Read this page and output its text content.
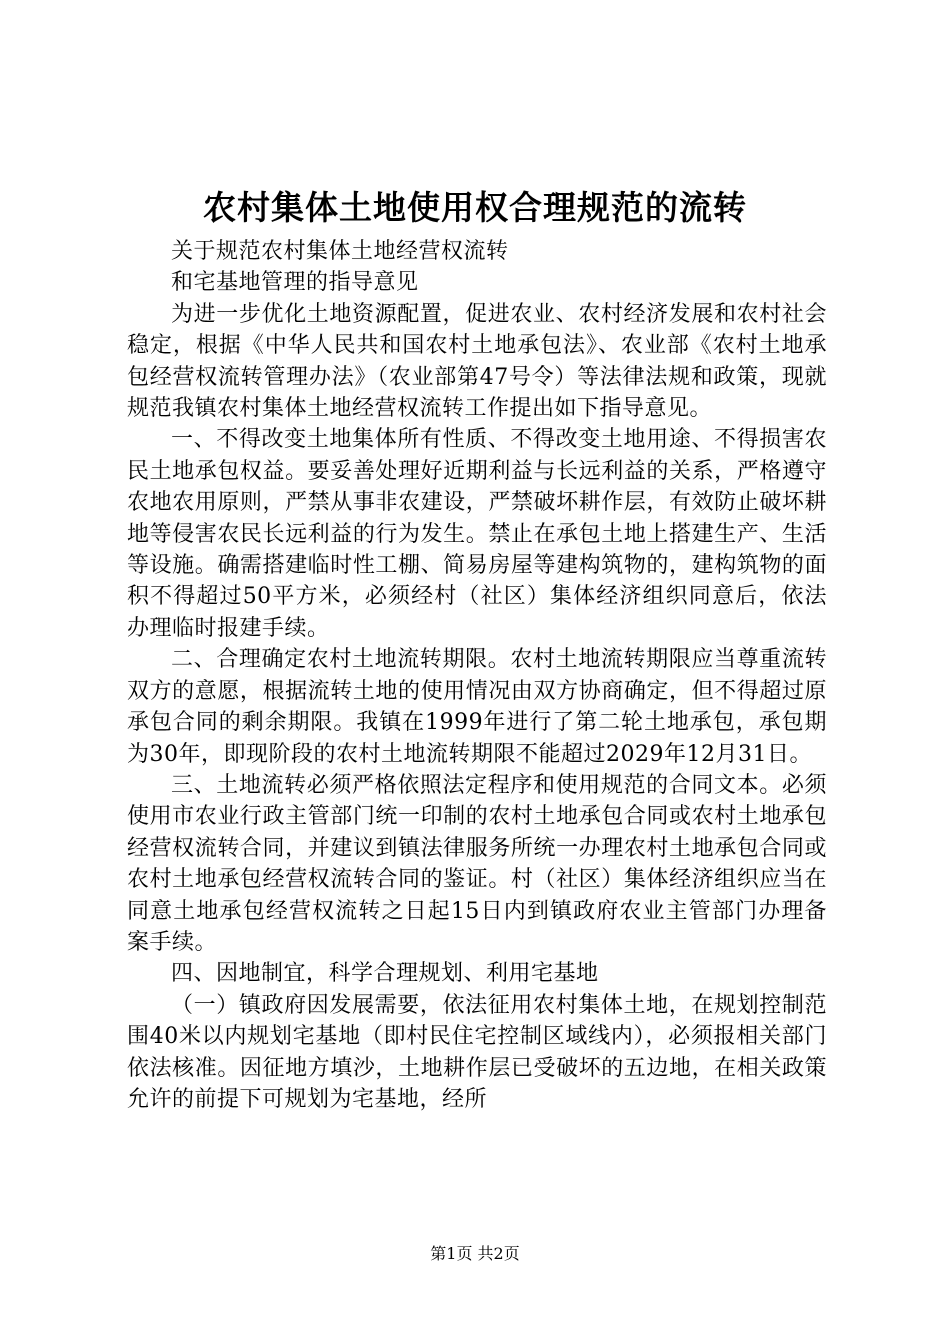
农村集体土地使用权合理规范的流转

关于规范农村集体土地经营权流转

和宅基地管理的指导意见

为进一步优化土地资源配置，促进农业、农村经济发展和农村社会稳定，根据《中华人民共和国农村土地承包法》、农业部《农村土地承包经营权流转管理办法》（农业部第47号令）等法律法规和政策，现就规范我镇农村集体土地经营权流转工作提出如下指导意见。

一、不得改变土地集体所有性质、不得改变土地用途、不得损害农民土地承包权益。要妥善处理好近期利益与长远利益的关系，严格遵守农地农用原则，严禁从事非农建设，严禁破坏耕作层，有效防止破坏耕地等侵害农民长远利益的行为发生。禁止在承包土地上搭建生产、生活等设施。确需搭建临时性工棚、简易房屋等建构筑物的，建构筑物的面积不得超过50平方米，必须经村（社区）集体经济组织同意后，依法办理临时报建手续。

二、合理确定农村土地流转期限。农村土地流转期限应当尊重流转双方的意愿，根据流转土地的使用情况由双方协商确定，但不得超过原承包合同的剩余期限。我镇在1999年进行了第二轮土地承包，承包期为30年，即现阶段的农村土地流转期限不能超过2029年12月31日。

三、土地流转必须严格依照法定程序和使用规范的合同文本。必须使用市农业行政主管部门统一印制的农村土地承包合同或农村土地承包经营权流转合同，并建议到镇法律服务所统一办理农村土地承包合同或农村土地承包经营权流转合同的鉴证。村（社区）集体经济组织应当在同意土地承包经营权流转之日起15日内到镇政府农业主管部门办理备案手续。

四、因地制宜，科学合理规划、利用宅基地

（一）镇政府因发展需要，依法征用农村集体土地，在规划控制范围40米以内规划宅基地（即村民住宅控制区域线内），必须报相关部门依法核准。因征地方填沙，土地耕作层已受破坏的五边地，在相关政策允许的前提下可规划为宅基地，经所

第1页 共2页
